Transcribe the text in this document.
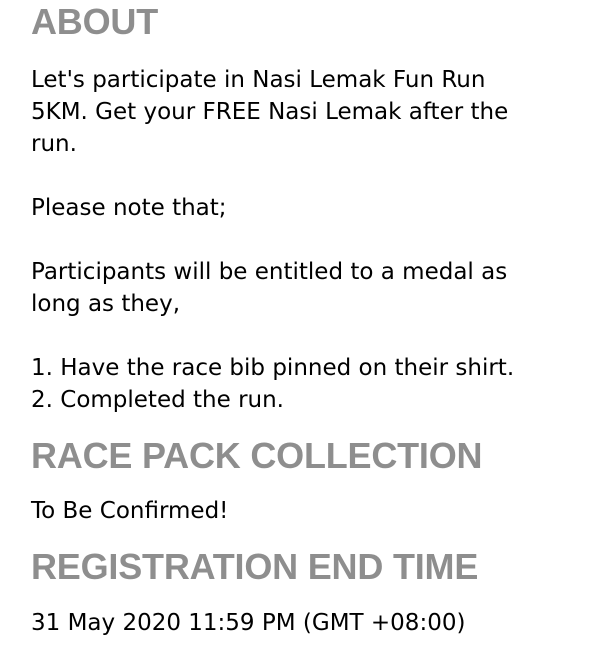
ABOUT

Let's participate in Nasi Lemak Fun Run

5KM. Get your FREE Nasi Lemak after the

run.

Please note that;

Participants will be entitled to a medal as

long as they,

1. Have the race bib pinned on their shirt.

2. Completed the run.

RACE PACK COLLECTION

To Be Confirmed!

REGISTRATION END TIME

31 May 2020 11:59 PM (GMT +08:00)
